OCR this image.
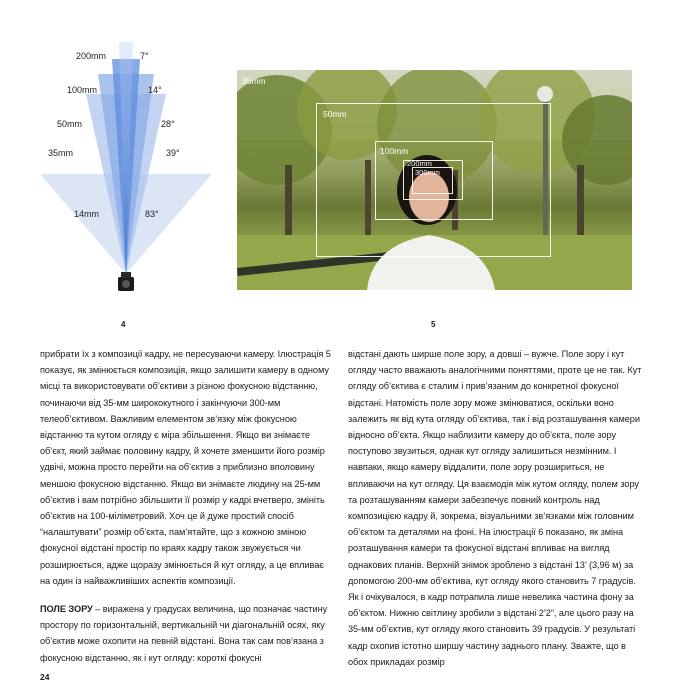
200mm	7°
100mm	14°
50mm	28°
35mm	39°
14mm	83°
4
35mm
50mm
100mm
200mm
300mm
5

прибрати їх з композиції кадру, не пересуваючи камеру. Ілюстрація 5 показує, як змінюється композиція, якщо залишити камеру в одному місці та використовувати об’єктиви з різною фокусною відстанню, починаючи від 35-мм ширококутного і закінчуючи 300-мм телеоб’єктивом. Важливим елементом зв’язку між фокусною відстанню та кутом огляду є міра збільшення. Якщо ви знімаєте об’єкт, який займає половину кадру, й хочете зменшити його розмір удвічі, можна просто перейти на об’єктив з приблизно вполовину меншою фокусною відстанню. Якщо ви знімаєте людину на 25-мм об’єктив і вам потрібно збільшити її розмір у кадрі вчетверо, змініть об’єктив на 100-міліметровий. Хоч це й дуже простий спосіб “налаштувати” розмір об’єкта, пам’ятайте, що з кожною зміною фокусної відстані простір по краях кадру також звужується чи розширюється, адже щоразу змінюється й кут огляду, а це впливає на один із найважливіших аспектів композиції.

ПОЛЕ ЗОРУ – виражена у градусах величина, що позначає частину простору по горизонтальній, вертикальній чи діагональній осях, яку об’єктив може охопити на певній відстані. Вона так сам пов’язана з фокусною відстанню, як і кут огляду: короткі фокусні

відстані дають ширше поле зору, а довші – вужче. Поле зору і кут огляду часто вважають аналогічними поняттями, проте це не так. Кут огляду об’єктива є сталим і прив’язаним до конкретної фокусної відстані. Натомість поле зору може змінюватися, оскільки воно залежить як від кута огляду об’єктива, так і від розташування камери відносно об’єкта. Якщо наблизити камеру до об’єкта, поле зору поступово звузиться, однак кут огляду залишиться незмінним. І навпаки, якщо камеру віддалити, поле зору розшириться, не впливаючи на кут огляду. Ця взаємодія між кутом огляду, полем зору та розташуванням камери забезпечує повний контроль над композицією кадру й, зокрема, візуальними зв’язками між головним об’єктом та деталями на фоні. На ілюстрації 6 показано, як зміна розташування камери та фокусної відстані впливає на вигляд однакових планів. Верхній знімок зроблено з відстані 13’ (3,96 м) за допомогою 200-мм об’єктива, кут огляду якого становить 7 градусів. Як і очікувалося, в кадр потрапила лише невелика частина фону за об’єктом. Нижню світлину зробили з відстані 2’2”, але цього разу на 35-мм об’єктив, кут огляду якого становить 39 градусів. У результаті кадр охопив істотно ширшу частину заднього плану. Зважте, що в обох прикладах розмір

24
